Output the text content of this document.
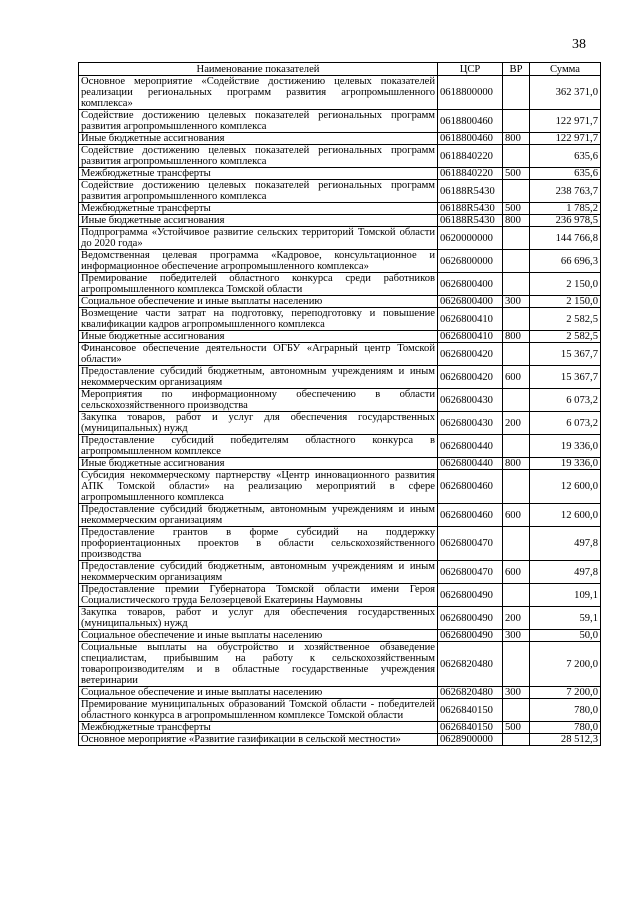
38
Наименование показателей	ЦСР	ВР	Сумма
Основное мероприятие «Содействие достижению целевых показателей реализации региональных программ развития агропромышленного комплекса»	0618800000		362 371,0
Содействие достижению целевых показателей региональных программ развития агропромышленного комплекса	0618800460		122 971,7
Иные бюджетные ассигнования	0618800460	800	122 971,7
Содействие достижению целевых показателей региональных программ развития агропромышленного комплекса	0618840220		635,6
Межбюджетные трансферты	0618840220	500	635,6
Содействие достижению целевых показателей региональных программ развития агропромышленного комплекса	06188R5430		238 763,7
Межбюджетные трансферты	06188R5430	500	1 785,2
Иные бюджетные ассигнования	06188R5430	800	236 978,5
Подпрограмма «Устойчивое развитие сельских территорий Томской области до 2020 года»	0620000000		144 766,8
Ведомственная целевая программа «Кадровое, консультационное и информационное обеспечение агропромышленного комплекса»	0626800000		66 696,3
Премирование победителей областного конкурса среди работников агропромышленного комплекса Томской области	0626800400		2 150,0
Социальное обеспечение и иные выплаты населению	0626800400	300	2 150,0
Возмещение части затрат на подготовку, переподготовку и повышение квалификации кадров агропромышленного комплекса	0626800410		2 582,5
Иные бюджетные ассигнования	0626800410	800	2 582,5
Финансовое обеспечение деятельности ОГБУ «Аграрный центр Томской области»	0626800420		15 367,7
Предоставление субсидий бюджетным, автономным учреждениям и иным некоммерческим организациям	0626800420	600	15 367,7
Мероприятия по информационному обеспечению в области сельскохозяйственного производства	0626800430		6 073,2
Закупка товаров, работ и услуг для обеспечения государственных (муниципальных) нужд	0626800430	200	6 073,2
Предоставление субсидий победителям областного конкурса в агропромышленном комплексе	0626800440		19 336,0
Иные бюджетные ассигнования	0626800440	800	19 336,0
Субсидия некоммерческому партнерству «Центр инновационного развития АПК Томской области» на реализацию мероприятий в сфере агропромышленного комплекса	0626800460		12 600,0
Предоставление субсидий бюджетным, автономным учреждениям и иным некоммерческим организациям	0626800460	600	12 600,0
Предоставление грантов в форме субсидий на поддержку профориентационных проектов в области сельскохозяйственного производства	0626800470		497,8
Предоставление субсидий бюджетным, автономным учреждениям и иным некоммерческим организациям	0626800470	600	497,8
Предоставление премии Губернатора Томской области имени Героя Социалистического труда Белозерцевой Екатерины Наумовны	0626800490		109,1
Закупка товаров, работ и услуг для обеспечения государственных (муниципальных) нужд	0626800490	200	59,1
Социальное обеспечение и иные выплаты населению	0626800490	300	50,0
Социальные выплаты на обустройство и хозяйственное обзаведение специалистам, прибывшим на работу к сельскохозяйственным товаропроизводителям и в областные государственные учреждения ветеринарии	0626820480		7 200,0
Социальное обеспечение и иные выплаты населению	0626820480	300	7 200,0
Премирование муниципальных образований Томской области - победителей областного конкурса в агропромышленном комплексе Томской области	0626840150		780,0
Межбюджетные трансферты	0626840150	500	780,0
Основное мероприятие «Развитие газификации в сельской местности»	0628900000		28 512,3
